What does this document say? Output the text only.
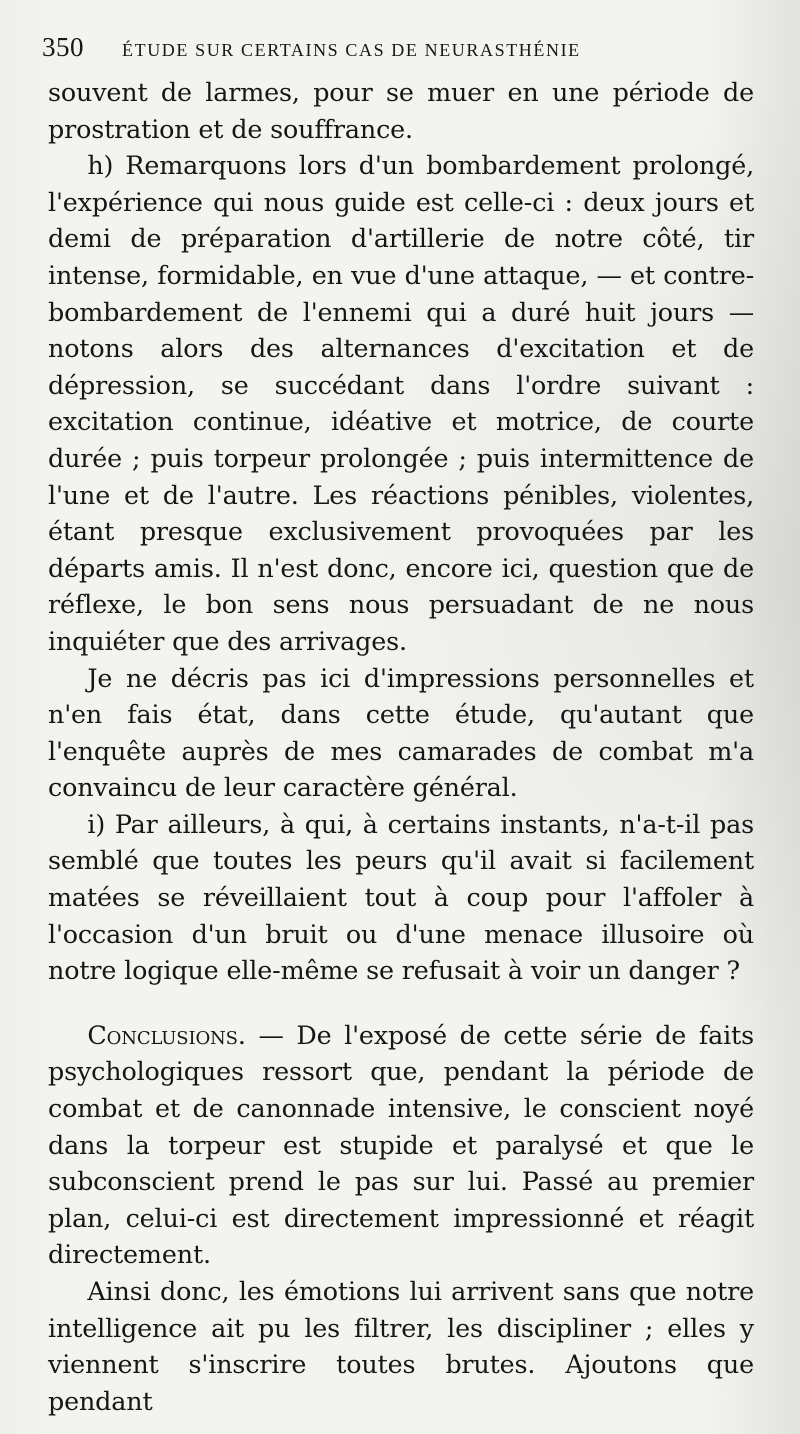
350 ÉTUDE SUR CERTAINS CAS DE NEURASTHÉNIE

souvent de larmes, pour se muer en une période de prostration et de souffrance.

h) Remarquons lors d'un bombardement prolongé, l'expérience qui nous guide est celle-ci : deux jours et demi de préparation d'artillerie de notre côté, tir intense, formidable, en vue d'une attaque, — et contre-bombardement de l'ennemi qui a duré huit jours — notons alors des alternances d'excitation et de dépression, se succédant dans l'ordre suivant : excitation continue, idéative et motrice, de courte durée ; puis torpeur prolongée ; puis intermittence de l'une et de l'autre. Les réactions pénibles, violentes, étant presque exclusivement provoquées par les départs amis. Il n'est donc, encore ici, question que de réflexe, le bon sens nous persuadant de ne nous inquiéter que des arrivages.

Je ne décris pas ici d'impressions personnelles et n'en fais état, dans cette étude, qu'autant que l'enquête auprès de mes camarades de combat m'a convaincu de leur caractère général.

i) Par ailleurs, à qui, à certains instants, n'a-t-il pas semblé que toutes les peurs qu'il avait si facilement matées se réveillaient tout à coup pour l'affoler à l'occasion d'un bruit ou d'une menace illusoire où notre logique elle-même se refusait à voir un danger ?

Conclusions. — De l'exposé de cette série de faits psychologiques ressort que, pendant la période de combat et de canonnade intensive, le conscient noyé dans la torpeur est stupide et paralysé et que le subconscient prend le pas sur lui. Passé au premier plan, celui-ci est directement impressionné et réagit directement.

Ainsi donc, les émotions lui arrivent sans que notre intelligence ait pu les filtrer, les discipliner ; elles y viennent s'inscrire toutes brutes. Ajoutons que pendant
